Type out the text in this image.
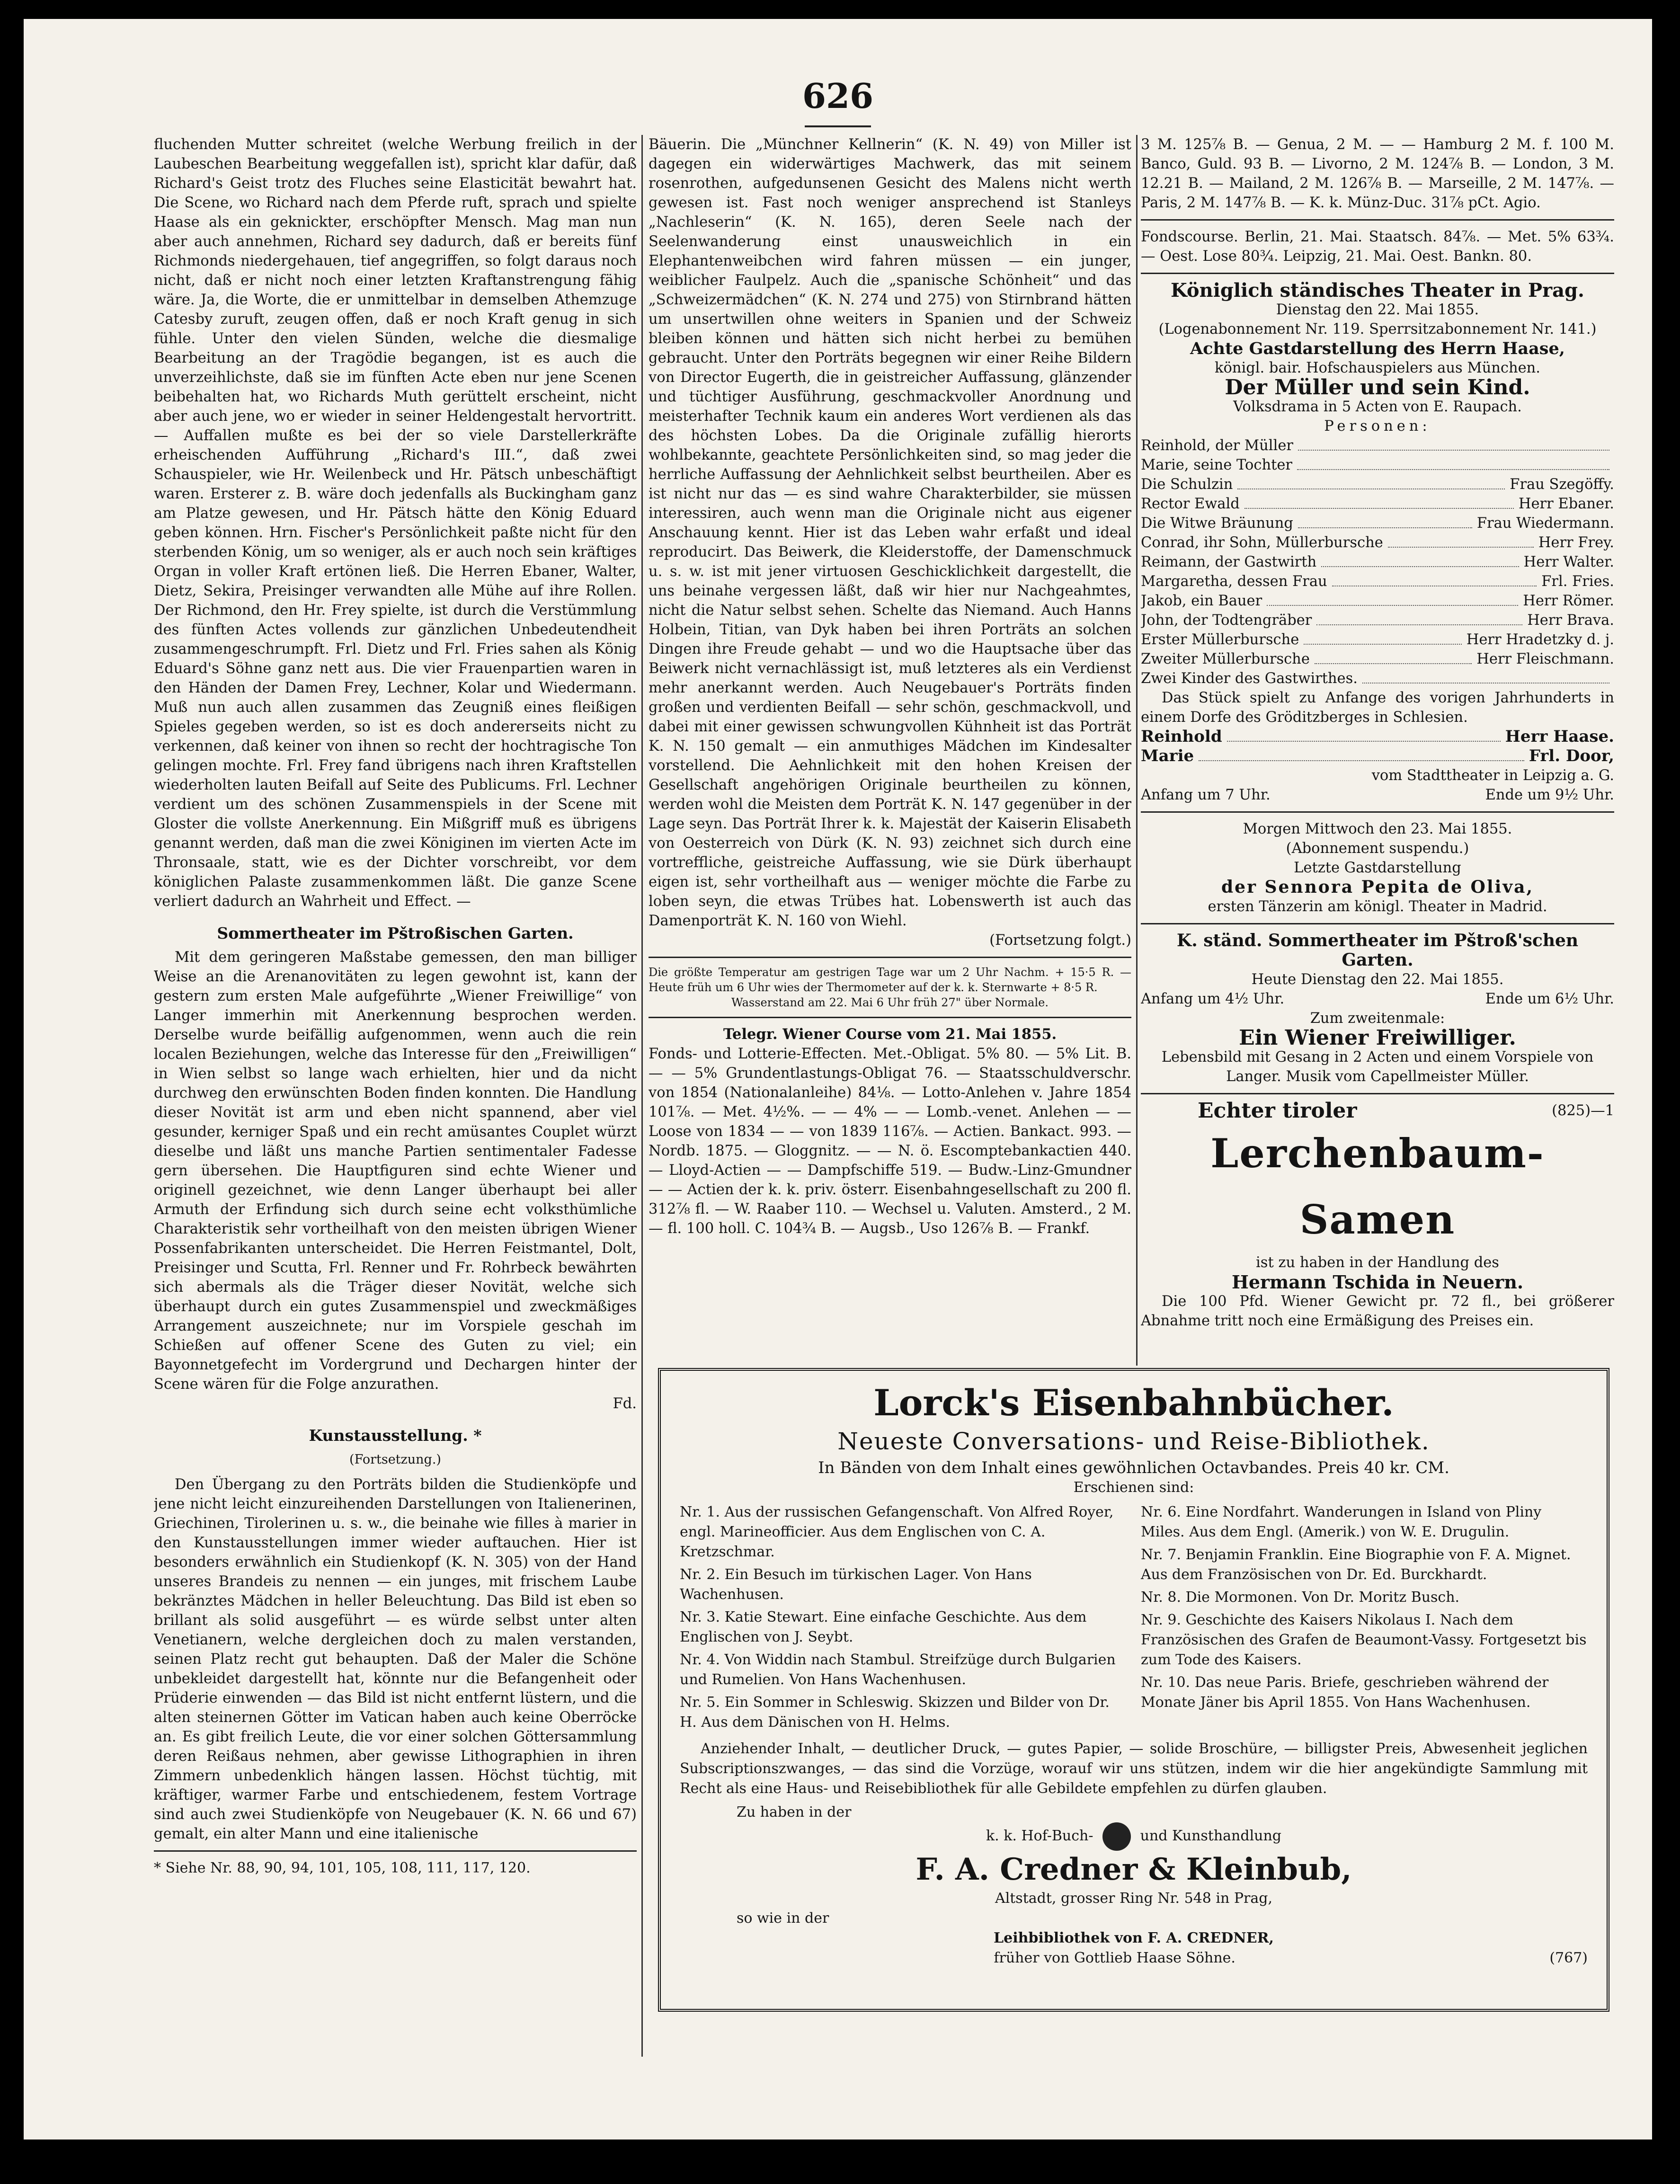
626

fluchenden Mutter schreitet (welche Werbung freilich in der Laubeschen Bearbeitung weggefallen ist), spricht klar dafür, daß Richard's Geist trotz des Fluches seine Elasticität bewahrt hat. Die Scene, wo Richard nach dem Pferde ruft, sprach und spielte Haase als ein geknickter, erschöpfter Mensch. Mag man nun aber auch annehmen, Richard sey dadurch, daß er bereits fünf Richmonds niedergehauen, tief angegriffen, so folgt daraus noch nicht, daß er nicht noch einer letzten Kraftanstrengung fähig wäre. Ja, die Worte, die er unmittelbar in demselben Athemzuge Catesby zuruft, zeugen offen, daß er noch Kraft genug in sich fühle. Unter den vielen Sünden, welche die diesmalige Bearbeitung an der Tragödie begangen, ist es auch die unverzeihlichste, daß sie im fünften Acte eben nur jene Scenen beibehalten hat, wo Richards Muth gerüttelt erscheint, nicht aber auch jene, wo er wieder in seiner Heldengestalt hervortritt. — Auffallen mußte es bei der so viele Darstellerkräfte erheischenden Aufführung „Richard's III.“, daß zwei Schauspieler, wie Hr. Weilenbeck und Hr. Pätsch unbeschäftigt waren. Ersterer z. B. wäre doch jedenfalls als Buckingham ganz am Platze gewesen, und Hr. Pätsch hätte den König Eduard geben können. Hrn. Fischer's Persönlichkeit paßte nicht für den sterbenden König, um so weniger, als er auch noch sein kräftiges Organ in voller Kraft ertönen ließ. Die Herren Ebaner, Walter, Dietz, Sekira, Preisinger verwandten alle Mühe auf ihre Rollen. Der Richmond, den Hr. Frey spielte, ist durch die Verstümmlung des fünften Actes vollends zur gänzlichen Unbedeutendheit zusammengeschrumpft. Frl. Dietz und Frl. Fries sahen als König Eduard's Söhne ganz nett aus. Die vier Frauenpartien waren in den Händen der Damen Frey, Lechner, Kolar und Wiedermann. Muß nun auch allen zusammen das Zeugniß eines fleißigen Spieles gegeben werden, so ist es doch andererseits nicht zu verkennen, daß keiner von ihnen so recht der hochtragische Ton gelingen mochte. Frl. Frey fand übrigens nach ihren Kraftstellen wiederholten lauten Beifall auf Seite des Publicums. Frl. Lechner verdient um des schönen Zusammenspiels in der Scene mit Gloster die vollste Anerkennung. Ein Mißgriff muß es übrigens genannt werden, daß man die zwei Königinen im vierten Acte im Thronsaale, statt, wie es der Dichter vorschreibt, vor dem königlichen Palaste zusammenkommen läßt. Die ganze Scene verliert dadurch an Wahrheit und Effect. —

Sommertheater im Pštroßischen Garten.

Mit dem geringeren Maßstabe gemessen, den man billiger Weise an die Arenanovitäten zu legen gewohnt ist, kann der gestern zum ersten Male aufgeführte „Wiener Freiwillige“ von Langer immerhin mit Anerkennung besprochen werden. Derselbe wurde beifällig aufgenommen, wenn auch die rein localen Beziehungen, welche das Interesse für den „Freiwilligen“ in Wien selbst so lange wach erhielten, hier und da nicht durchweg den erwünschten Boden finden konnten. Die Handlung dieser Novität ist arm und eben nicht spannend, aber viel gesunder, kerniger Spaß und ein recht amüsantes Couplet würzt dieselbe und läßt uns manche Partien sentimentaler Fadesse gern übersehen. Die Hauptfiguren sind echte Wiener und originell gezeichnet, wie denn Langer überhaupt bei aller Armuth der Erfindung sich durch seine echt volksthümliche Charakteristik sehr vortheilhaft von den meisten übrigen Wiener Possenfabrikanten unterscheidet. Die Herren Feistmantel, Dolt, Preisinger und Scutta, Frl. Renner und Fr. Rohrbeck bewährten sich abermals als die Träger dieser Novität, welche sich überhaupt durch ein gutes Zusammenspiel und zweckmäßiges Arrangement auszeichnete; nur im Vorspiele geschah im Schießen auf offener Scene des Guten zu viel; ein Bayonnetgefecht im Vordergrund und Dechargen hinter der Scene wären für die Folge anzurathen.

Fd.
Kunstausstellung. *
(Fortsetzung.)

Den Übergang zu den Porträts bilden die Studienköpfe und jene nicht leicht einzureihenden Darstellungen von Italienerinen, Griechinen, Tirolerinen u. s. w., die beinahe wie filles à marier in den Kunstausstellungen immer wieder auftauchen. Hier ist besonders erwähnlich ein Studienkopf (K. N. 305) von der Hand unseres Brandeis zu nennen — ein junges, mit frischem Laube bekränztes Mädchen in heller Beleuchtung. Das Bild ist eben so brillant als solid ausgeführt — es würde selbst unter alten Venetianern, welche dergleichen doch zu malen verstanden, seinen Platz recht gut behaupten. Daß der Maler die Schöne unbekleidet dargestellt hat, könnte nur die Befangenheit oder Prüderie einwenden — das Bild ist nicht entfernt lüstern, und die alten steinernen Götter im Vatican haben auch keine Oberröcke an. Es gibt freilich Leute, die vor einer solchen Göttersammlung deren Reißaus nehmen, aber gewisse Lithographien in ihren Zimmern unbedenklich hängen lassen. Höchst tüchtig, mit kräftiger, warmer Farbe und entschiedenem, festem Vortrage sind auch zwei Studienköpfe von Neugebauer (K. N. 66 und 67) gemalt, ein alter Mann und eine italienische

* Siehe Nr. 88, 90, 94, 101, 105, 108, 111, 117, 120.

Bäuerin. Die „Münchner Kellnerin“ (K. N. 49) von Miller ist dagegen ein widerwärtiges Machwerk, das mit seinem rosenrothen, aufgedunsenen Gesicht des Malens nicht werth gewesen ist. Fast noch weniger ansprechend ist Stanleys „Nachleserin“ (K. N. 165), deren Seele nach der Seelenwanderung einst unausweichlich in ein Elephantenweibchen wird fahren müssen — ein junger, weiblicher Faulpelz. Auch die „spanische Schönheit“ und das „Schweizermädchen“ (K. N. 274 und 275) von Stirnbrand hätten um unsertwillen ohne weiters in Spanien und der Schweiz bleiben können und hätten sich nicht herbei zu bemühen gebraucht. Unter den Porträts begegnen wir einer Reihe Bildern von Director Eugerth, die in geistreicher Auffassung, glänzender und tüchtiger Ausführung, geschmackvoller Anordnung und meisterhafter Technik kaum ein anderes Wort verdienen als das des höchsten Lobes. Da die Originale zufällig hierorts wohlbekannte, geachtete Persönlichkeiten sind, so mag jeder die herrliche Auffassung der Aehnlichkeit selbst beurtheilen. Aber es ist nicht nur das — es sind wahre Charakterbilder, sie müssen interessiren, auch wenn man die Originale nicht aus eigener Anschauung kennt. Hier ist das Leben wahr erfaßt und ideal reproducirt. Das Beiwerk, die Kleiderstoffe, der Damenschmuck u. s. w. ist mit jener virtuosen Geschicklichkeit dargestellt, die uns beinahe vergessen läßt, daß wir hier nur Nachgeahmtes, nicht die Natur selbst sehen. Schelte das Niemand. Auch Hanns Holbein, Titian, van Dyk haben bei ihren Porträts an solchen Dingen ihre Freude gehabt — und wo die Hauptsache über das Beiwerk nicht vernachlässigt ist, muß letzteres als ein Verdienst mehr anerkannt werden. Auch Neugebauer's Porträts finden großen und verdienten Beifall — sehr schön, geschmackvoll, und dabei mit einer gewissen schwungvollen Kühnheit ist das Porträt K. N. 150 gemalt — ein anmuthiges Mädchen im Kindesalter vorstellend. Die Aehnlichkeit mit den hohen Kreisen der Gesellschaft angehörigen Originale beurtheilen zu können, werden wohl die Meisten dem Porträt K. N. 147 gegenüber in der Lage seyn. Das Porträt Ihrer k. k. Majestät der Kaiserin Elisabeth von Oesterreich von Dürk (K. N. 93) zeichnet sich durch eine vortreffliche, geistreiche Auffassung, wie sie Dürk überhaupt eigen ist, sehr vortheilhaft aus — weniger möchte die Farbe zu loben seyn, die etwas Trübes hat. Lobenswerth ist auch das Damenporträt K. N. 160 von Wiehl.

(Fortsetzung folgt.)
Die größte Temperatur am gestrigen Tage war um 2 Uhr Nachm. + 15·5 R. — Heute früh um 6 Uhr wies der Thermometer auf der k. k. Sternwarte + 8·5 R.
Wasserstand am 22. Mai 6 Uhr früh 27" über Normale.
Telegr. Wiener Course vom 21. Mai 1855.

Fonds- und Lotterie-Effecten. Met.-Obligat. 5% 80. — 5% Lit. B. — — 5% Grundentlastungs-Obligat 76. — Staatsschuldverschr. von 1854 (Nationalanleihe) 84⅛. — Lotto-Anlehen v. Jahre 1854 101⅞. — Met. 4½%. — — 4% — — Lomb.-venet. Anlehen — — Loose von 1834 — — von 1839 116⅞. — Actien. Bankact. 993. — Nordb. 1875. — Gloggnitz. — — N. ö. Escomptebankactien 440. — Lloyd-Actien — — Dampfschiffe 519. — Budw.-Linz-Gmundner — — Actien der k. k. priv. österr. Eisenbahngesellschaft zu 200 fl. 312⅞ fl. — W. Raaber 110. — Wechsel u. Valuten. Amsterd., 2 M. — fl. 100 holl. C. 104¾ B. — Augsb., Uso 126⅞ B. — Frankf.

3 M. 125⅞ B. — Genua, 2 M. — — Hamburg 2 M. f. 100 M. Banco, Guld. 93 B. — Livorno, 2 M. 124⅞ B. — London, 3 M. 12.21 B. — Mailand, 2 M. 126⅞ B. — Marseille, 2 M. 147⅞. — Paris, 2 M. 147⅞ B. — K. k. Münz-Duc. 31⅞ pCt. Agio.

Fondscourse. Berlin, 21. Mai. Staatsch. 84⅞. — Met. 5% 63¾. — Oest. Lose 80¾. Leipzig, 21. Mai. Oest. Bankn. 80.

Königlich ständisches Theater in Prag.
Dienstag den 22. Mai 1855.
(Logenabonnement Nr. 119. Sperrsitzabonnement Nr. 141.)
Achte Gastdarstellung des Herrn Haase,
königl. bair. Hofschauspielers aus München.
Der Müller und sein Kind.
Volksdrama in 5 Acten von E. Raupach.
Personen:
Reinhold, der Müller
Marie, seine Tochter
Die Schulzin	Frau Szegöffy.
Rector Ewald	Herr Ebaner.
Die Witwe Bräunung	Frau Wiedermann.
Conrad, ihr Sohn, Müllerbursche	Herr Frey.
Reimann, der Gastwirth	Herr Walter.
Margaretha, dessen Frau	Frl. Fries.
Jakob, ein Bauer	Herr Römer.
John, der Todtengräber	Herr Brava.
Erster Müllerbursche	Herr Hradetzky d. j.
Zweiter Müllerbursche	Herr Fleischmann.
Zwei Kinder des Gastwirthes.

Das Stück spielt zu Anfange des vorigen Jahrhunderts in einem Dorfe des Gröditzberges in Schlesien.

Reinhold	Herr Haase.
Marie	Frl. Door,
vom Stadttheater in Leipzig a. G.
Anfang um 7 Uhr.	Ende um 9½ Uhr.
Morgen Mittwoch den 23. Mai 1855.
(Abonnement suspendu.)
Letzte Gastdarstellung
der Sennora Pepita de Oliva,
ersten Tänzerin am königl. Theater in Madrid.
K. ständ. Sommertheater im Pštroß'schen Garten.
Heute Dienstag den 22. Mai 1855.
Anfang um 4½ Uhr.	Ende um 6½ Uhr.
Zum zweitenmale:
Ein Wiener Freiwilliger.
Lebensbild mit Gesang in 2 Acten und einem Vorspiele von Langer. Musik vom Capellmeister Müller.
Echter tiroler	(825)—1
Lerchenbaum-Samen
ist zu haben in der Handlung des
Hermann Tschida in Neuern.

Die 100 Pfd. Wiener Gewicht pr. 72 fl., bei größerer Abnahme tritt noch eine Ermäßigung des Preises ein.

Lorck's Eisenbahnbücher.
Neueste Conversations- und Reise-Bibliothek.
In Bänden von dem Inhalt eines gewöhnlichen Octavbandes. Preis 40 kr. CM.
Erschienen sind:
Nr. 1. Aus der russischen Gefangenschaft. Von Alfred Royer, engl. Marineofficier. Aus dem Englischen von C. A. Kretzschmar.
Nr. 2. Ein Besuch im türkischen Lager. Von Hans Wachenhusen.
Nr. 3. Katie Stewart. Eine einfache Geschichte. Aus dem Englischen von J. Seybt.
Nr. 4. Von Widdin nach Stambul. Streifzüge durch Bulgarien und Rumelien. Von Hans Wachenhusen.
Nr. 5. Ein Sommer in Schleswig. Skizzen und Bilder von Dr. H. Aus dem Dänischen von H. Helms.
Nr. 6. Eine Nordfahrt. Wanderungen in Island von Pliny Miles. Aus dem Engl. (Amerik.) von W. E. Drugulin.
Nr. 7. Benjamin Franklin. Eine Biographie von F. A. Mignet. Aus dem Französischen von Dr. Ed. Burckhardt.
Nr. 8. Die Mormonen. Von Dr. Moritz Busch.
Nr. 9. Geschichte des Kaisers Nikolaus I. Nach dem Französischen des Grafen de Beaumont-Vassy. Fortgesetzt bis zum Tode des Kaisers.
Nr. 10. Das neue Paris. Briefe, geschrieben während der Monate Jäner bis April 1855. Von Hans Wachenhusen.

Anziehender Inhalt, — deutlicher Druck, — gutes Papier, — solide Broschüre, — billigster Preis, Abwesenheit jeglichen Subscriptionszwanges, — das sind die Vorzüge, worauf wir uns stützen, indem wir die hier angekündigte Sammlung mit Recht als eine Haus- und Reisebibliothek für alle Gebildete empfehlen zu dürfen glauben.

Zu haben in der
k. k. Hof-Buch-	und Kunsthandlung
F. A. Credner & Kleinbub,
Altstadt, grosser Ring Nr. 548 in Prag,
so wie in der
Leihbibliothek von F. A. CREDNER,
früher von Gottlieb Haase Söhne.	(767)
